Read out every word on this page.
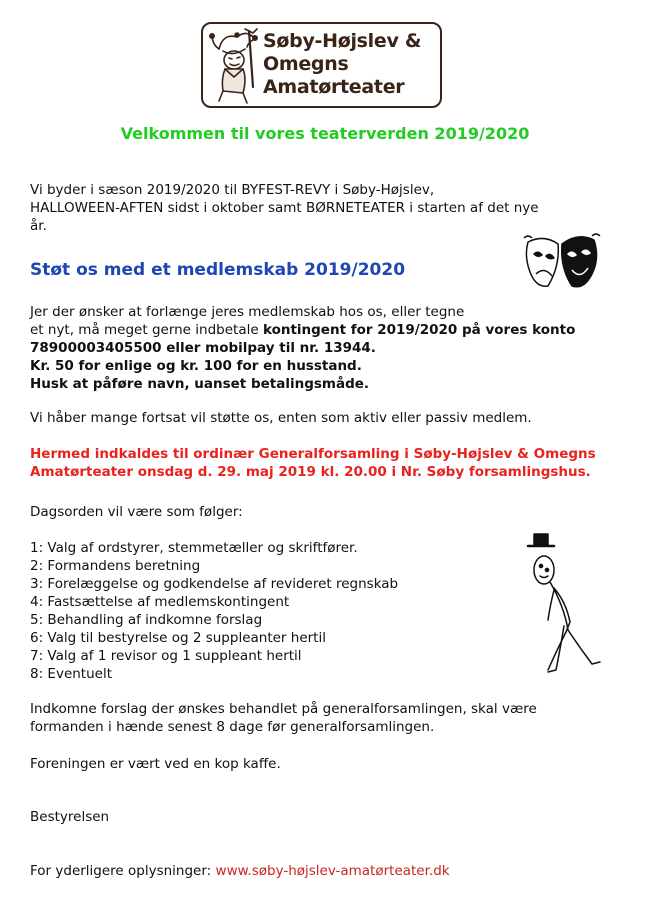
Søby-Højslev &
Omegns
Amatørteater
Velkommen til vores teaterverden 2019/2020
Vi byder i sæson 2019/2020 til BYFEST-REVY i Søby-Højslev,
HALLOWEEN-AFTEN sidst i oktober samt BØRNETEATER i starten af det nye
år.
Støt os med et medlemskab 2019/2020
Jer der ønsker at forlænge jeres medlemskab hos os, eller tegne
et nyt, må meget gerne indbetale kontingent for 2019/2020 på vores konto
78900003405500 eller mobilpay til nr. 13944.
Kr. 50 for enlige og kr. 100 for en husstand.
Husk at påføre navn, uanset betalingsmåde.
Vi håber mange fortsat vil støtte os, enten som aktiv eller passiv medlem.
Hermed indkaldes til ordinær Generalforsamling i Søby-Højslev & Omegns
Amatørteater onsdag d. 29. maj 2019 kl. 20.00 i Nr. Søby forsamlingshus.
Dagsorden vil være som følger:
1: Valg af ordstyrer, stemmetæller og skriftfører.
2: Formandens beretning
3: Forelæggelse og godkendelse af revideret regnskab
4: Fastsættelse af medlemskontingent
5: Behandling af indkomne forslag
6: Valg til bestyrelse og 2 suppleanter hertil
7: Valg af 1 revisor og 1 suppleant hertil
8: Eventuelt
Indkomne forslag der ønskes behandlet på generalforsamlingen, skal være
formanden i hænde senest 8 dage før generalforsamlingen.
Foreningen er vært ved en kop kaffe.
Bestyrelsen
For yderligere oplysninger: www.søby-højslev-amatørteater.dk
